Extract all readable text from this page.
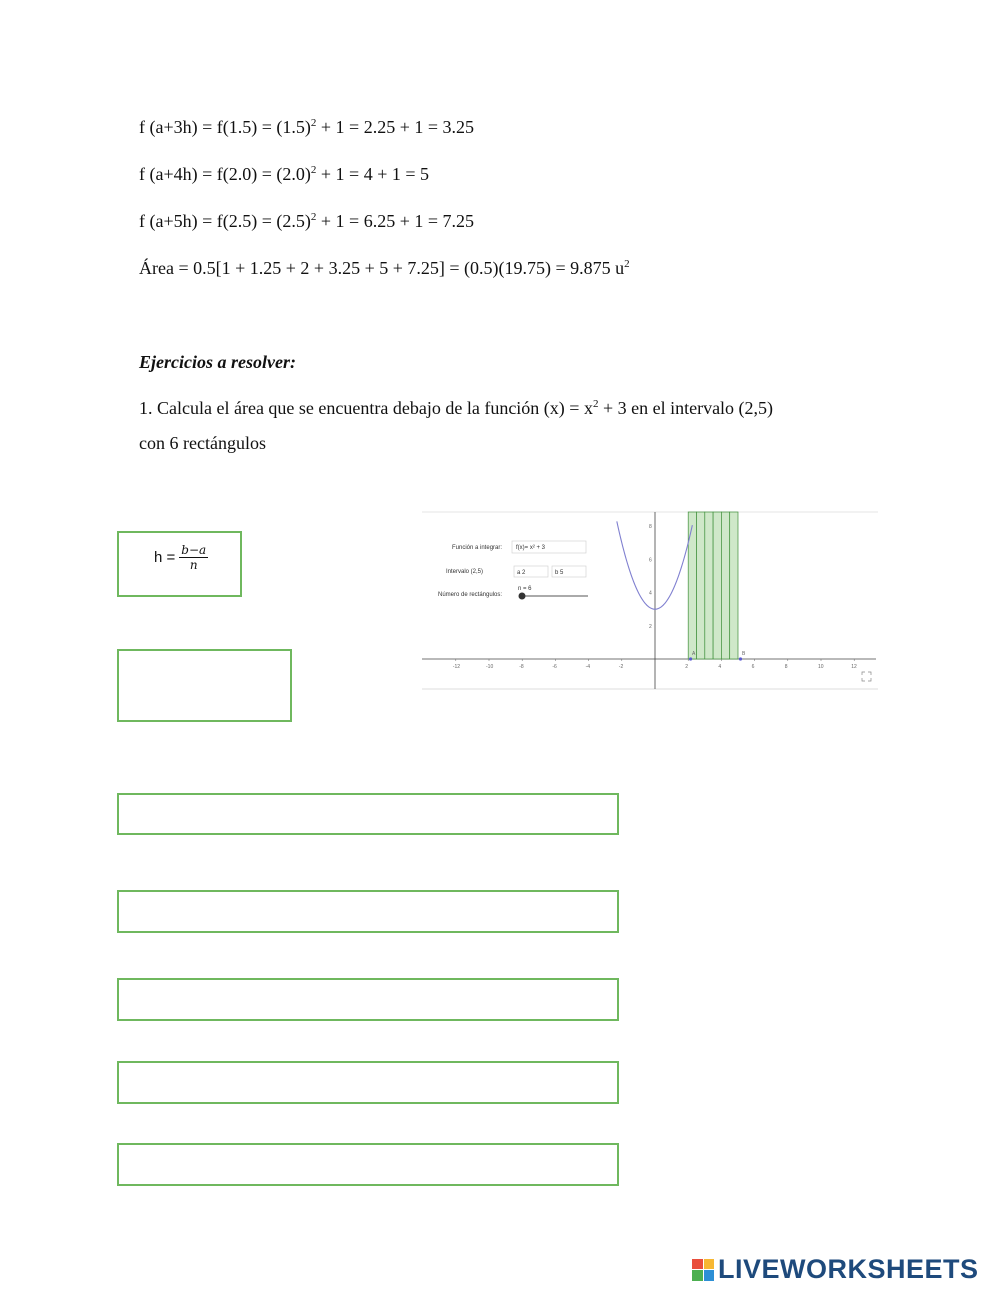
f $(a+3h) = f(1.5) = (1.5)^2 + 1 = 2.25 + 1 = 3.25$
f $(a+4h) = f(2.0) = (2.0)^2 + 1 = 4 + 1 = 5$
f $(a+5h) = f(2.5) = (2.5)^2 + 1 = 6.25 + 1 = 7.25$
Área = 0.5[1 + 1.25 + 2 + 3.25 + 5 + 7.25] = (0.5)(19.75) = 9.875 $u^2$
Ejercicios a resolver:
1. Calcula el área que se encuentra debajo de la función $(x) = x^2 + 3$ en el intervalo (2,5)
con 6 rectángulos
$h = \frac{b-a}{n}$	Función a integrar: f(x)= x² + 3
Intervalo (2,5)	a 2	b 5
Número de rectángulos:
n = 6
-12	-10	-8	-6	-4	-2	2	4	6	8	10	12
8
6
4
2
A	B
LIVEWORKSHEETS
